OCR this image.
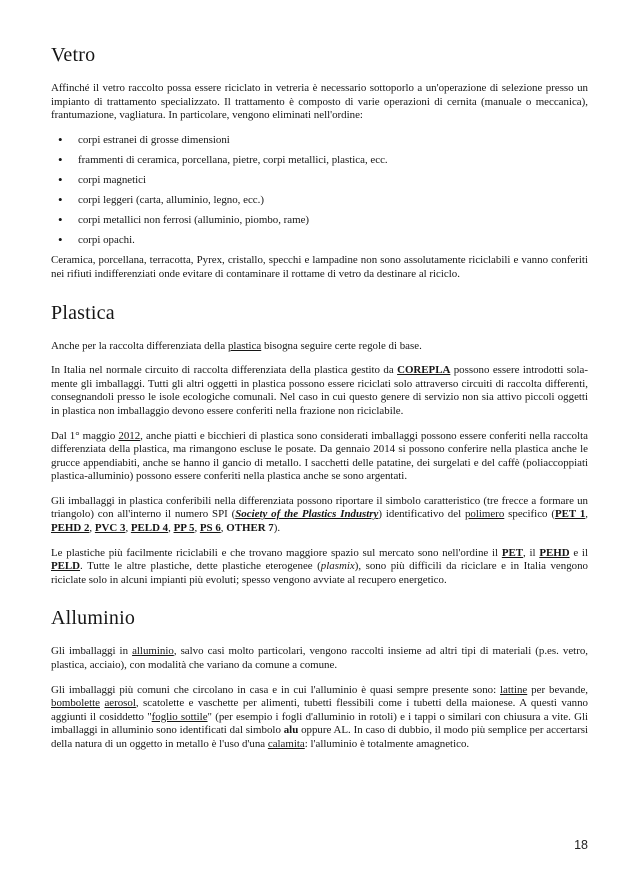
Vetro

Affinché il vetro raccolto possa essere riciclato in vetreria è necessario sottoporlo a un'operazione di selezione presso un impianto di trattamento specializzato. Il trattamento è composto di varie operazioni di cernita (manuale o meccanica), frantumazione, vagliatura. In particolare, vengono eliminati nell'ordine:

• corpi estranei di grosse dimensioni
• frammenti di ceramica, porcellana, pietre, corpi metallici, plastica, ecc.
• corpi magnetici
• corpi leggeri (carta, alluminio, legno, ecc.)
• corpi metallici non ferrosi (alluminio, piombo, rame)
• corpi opachi.

Ceramica, porcellana, terracotta, Pyrex, cristallo, specchi e lampadine non sono assolutamente riciclabili e vanno conferiti nei rifiuti indifferenziati onde evitare di contaminare il rottame di vetro da destinare al riciclo.

Plastica

Anche per la raccolta differenziata della plastica bisogna seguire certe regole di base.

In Italia nel normale circuito di raccolta differenziata della plastica gestito da COREPLA possono essere introdotti solamente gli imballaggi. Tutti gli altri oggetti in plastica possono essere riciclati solo attraverso circuiti di raccolta differenti, consegnandoli presso le isole ecologiche comunali. Nel caso in cui questo genere di servizio non sia attivo piccoli oggetti in plastica non imballaggio devono essere conferiti nella frazione non riciclabile.

Dal 1° maggio 2012, anche piatti e bicchieri di plastica sono considerati imballaggi possono essere conferiti nella raccolta differenziata della plastica, ma rimangono escluse le posate. Da gennaio 2014 si possono conferire nella plastica anche le grucce appendiabiti, anche se hanno il gancio di metallo. I sacchetti delle patatine, dei surgelati e del caffè (poliaccoppiati plastica-alluminio) possono essere conferiti nella plastica anche se sono argentati.

Gli imballaggi in plastica conferibili nella differenziata possono riportare il simbolo caratteristico (tre frecce a formare un triangolo) con all'interno il numero SPI (Society of the Plastics Industry) identificativo del polimero specifico (PET 1, PEHD 2, PVC 3, PELD 4, PP 5, PS 6, OTHER 7).

Le plastiche più facilmente riciclabili e che trovano maggiore spazio sul mercato sono nell'ordine il PET, il PEHD e il PELD. Tutte le altre plastiche, dette plastiche eterogenee (plasmix), sono più difficili da riciclare e in Italia vengono riciclate solo in alcuni impianti più evoluti; spesso vengono avviate al recupero energetico.

Alluminio

Gli imballaggi in alluminio, salvo casi molto particolari, vengono raccolti insieme ad altri tipi di materiali (p.es. vetro, plastica, acciaio), con modalità che variano da comune a comune.

Gli imballaggi più comuni che circolano in casa e in cui l'alluminio è quasi sempre presente sono: lattine per bevande, bombolette aerosol, scatolette e vaschette per alimenti, tubetti flessibili come i tubetti della maionese. A questi vanno aggiunti il cosiddetto "foglio sottile" (per esempio i fogli d'alluminio in rotoli) e i tappi o similari con chiusura a vite. Gli imballaggi in alluminio sono identificati dal simbolo alu oppure AL. In caso di dubbio, il modo più semplice per accertarsi della natura di un oggetto in metallo è l'uso d'una calamita: l'alluminio è totalmente amagnetico.

18
